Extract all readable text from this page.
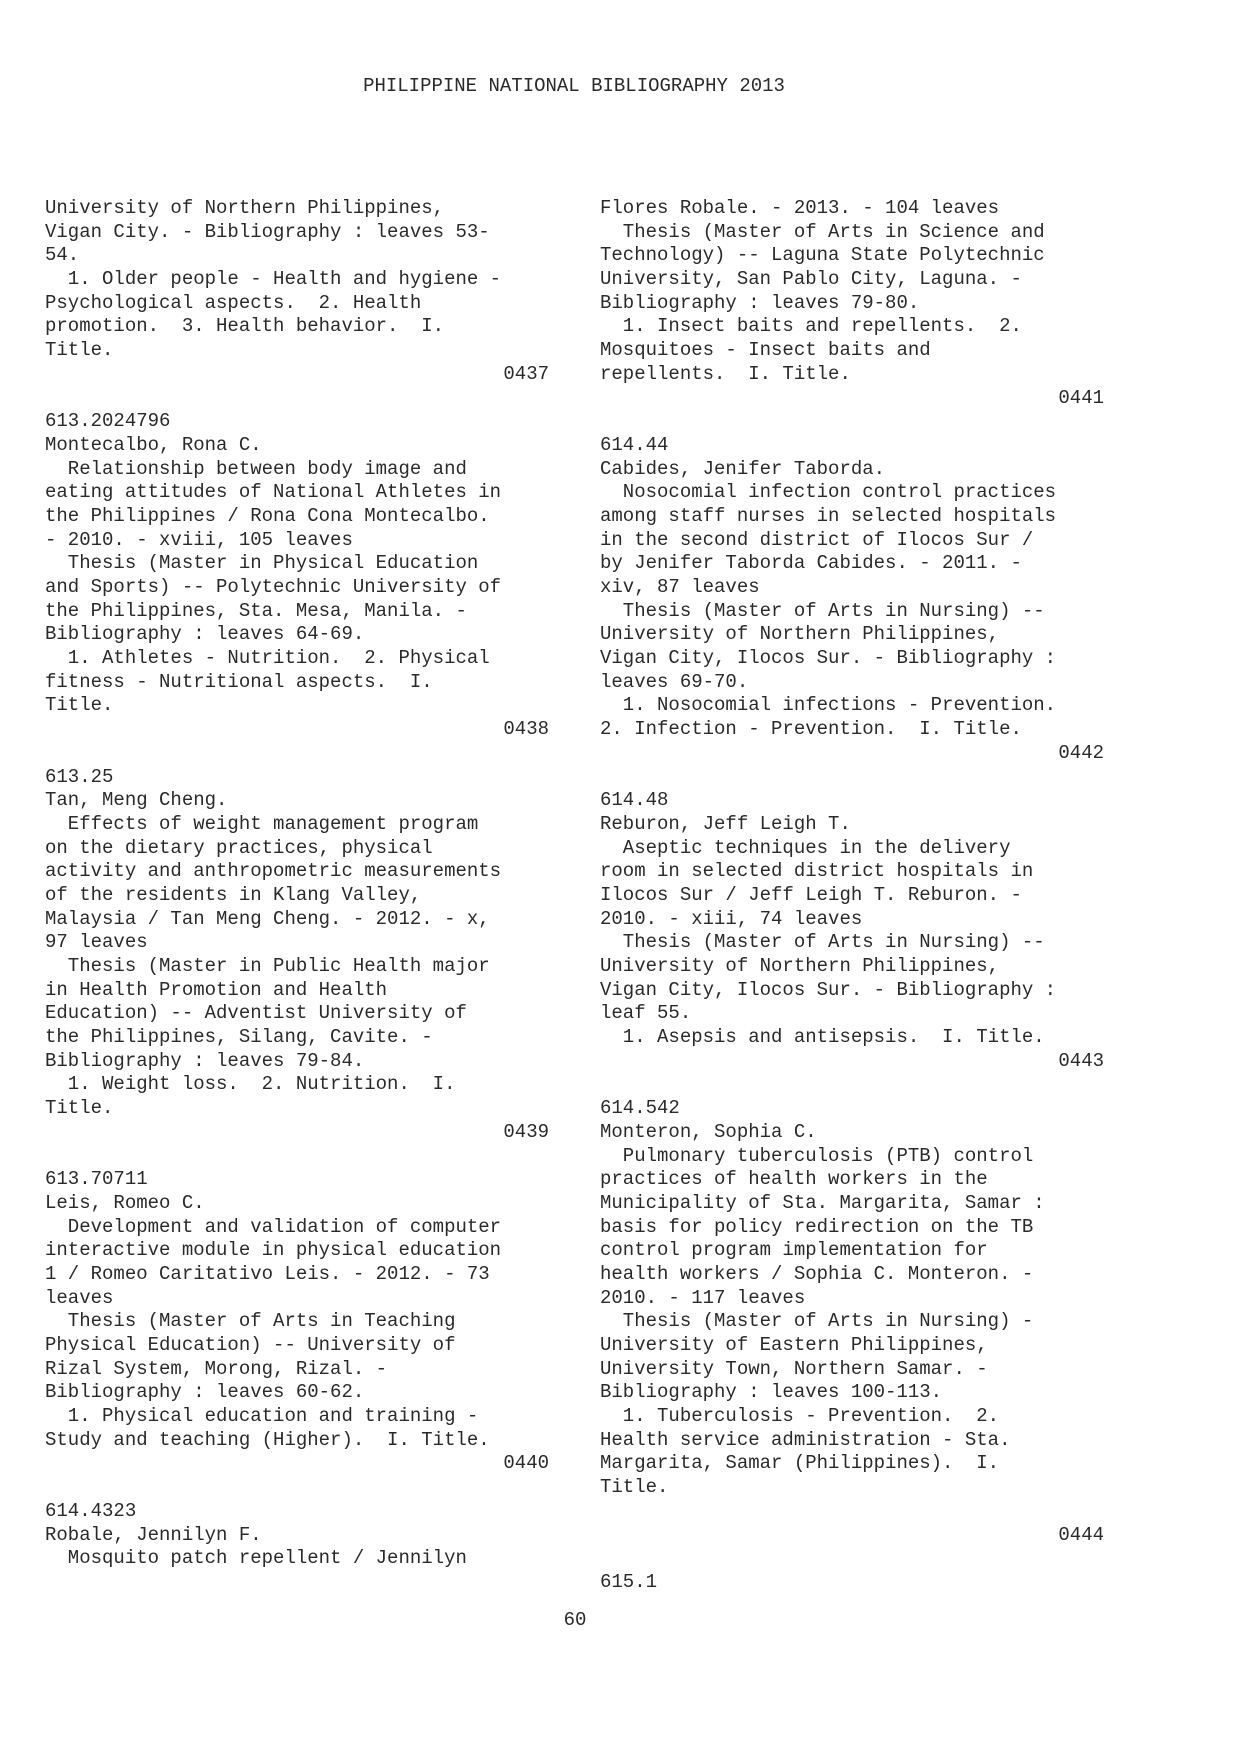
PHILIPPINE NATIONAL BIBLIOGRAPHY 2013
University of Northern Philippines,
Vigan City. - Bibliography : leaves 53-
54.
1. Older people - Health and hygiene -
Psychological aspects.  2. Health
promotion.  3. Health behavior.  I.
Title.
0437
613.2024796
Montecalbo, Rona C.
Relationship between body image and
eating attitudes of National Athletes in
the Philippines / Rona Cona Montecalbo.
- 2010. - xviii, 105 leaves
Thesis (Master in Physical Education
and Sports) -- Polytechnic University of
the Philippines, Sta. Mesa, Manila. -
Bibliography : leaves 64-69.
1. Athletes - Nutrition.  2. Physical
fitness - Nutritional aspects.  I.
Title.
0438
613.25
Tan, Meng Cheng.
Effects of weight management program
on the dietary practices, physical
activity and anthropometric measurements
of the residents in Klang Valley,
Malaysia / Tan Meng Cheng. - 2012. - x,
97 leaves
Thesis (Master in Public Health major
in Health Promotion and Health
Education) -- Adventist University of
the Philippines, Silang, Cavite. -
Bibliography : leaves 79-84.
1. Weight loss.  2. Nutrition.  I.
Title.
0439
613.70711
Leis, Romeo C.
Development and validation of computer
interactive module in physical education
1 / Romeo Caritativo Leis. - 2012. - 73
leaves
Thesis (Master of Arts in Teaching
Physical Education) -- University of
Rizal System, Morong, Rizal. -
Bibliography : leaves 60-62.
1. Physical education and training -
Study and teaching (Higher).  I. Title.
0440
614.4323
Robale, Jennilyn F.
Mosquito patch repellent / Jennilyn
Flores Robale. - 2013. - 104 leaves
Thesis (Master of Arts in Science and
Technology) -- Laguna State Polytechnic
University, San Pablo City, Laguna. -
Bibliography : leaves 79-80.
1. Insect baits and repellents.  2.
Mosquitoes - Insect baits and
repellents.  I. Title.
0441
614.44
Cabides, Jenifer Taborda.
Nosocomial infection control practices
among staff nurses in selected hospitals
in the second district of Ilocos Sur /
by Jenifer Taborda Cabides. - 2011. -
xiv, 87 leaves
Thesis (Master of Arts in Nursing) --
University of Northern Philippines,
Vigan City, Ilocos Sur. - Bibliography :
leaves 69-70.
1. Nosocomial infections - Prevention.
2. Infection - Prevention.  I. Title.
0442
614.48
Reburon, Jeff Leigh T.
Aseptic techniques in the delivery
room in selected district hospitals in
Ilocos Sur / Jeff Leigh T. Reburon. -
2010. - xiii, 74 leaves
Thesis (Master of Arts in Nursing) --
University of Northern Philippines,
Vigan City, Ilocos Sur. - Bibliography :
leaf 55.
1. Asepsis and antisepsis.  I. Title.
0443
614.542
Monteron, Sophia C.
Pulmonary tuberculosis (PTB) control
practices of health workers in the
Municipality of Sta. Margarita, Samar :
basis for policy redirection on the TB
control program implementation for
health workers / Sophia C. Monteron. -
2010. - 117 leaves
Thesis (Master of Arts in Nursing) -
University of Eastern Philippines,
University Town, Northern Samar. -
Bibliography : leaves 100-113.
1. Tuberculosis - Prevention.  2.
Health service administration - Sta.
Margarita, Samar (Philippines).  I.
Title.
0444
615.1
60
